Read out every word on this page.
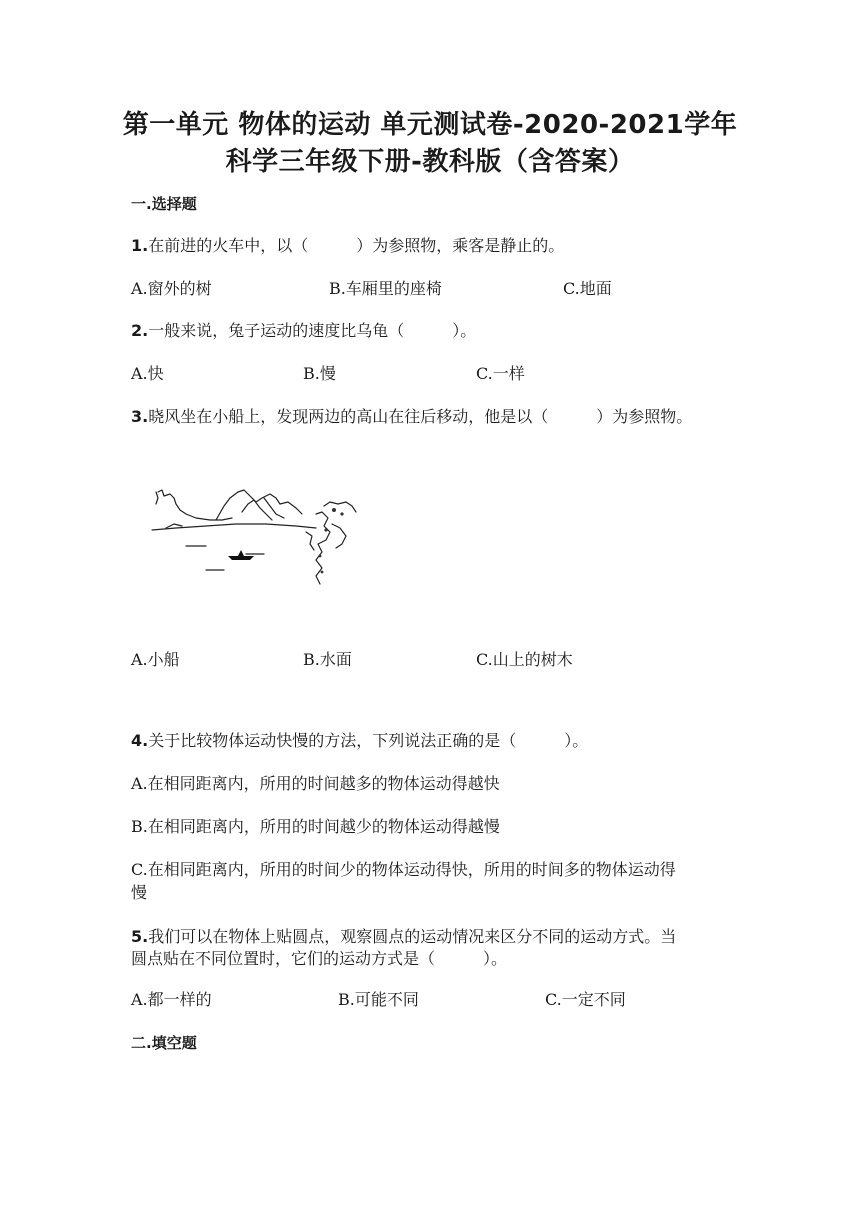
第一单元 物体的运动 单元测试卷-2020-2021学年
科学三年级下册-教科版（含答案）
一.选择题
1.在前进的火车中，以（　　　）为参照物，乘客是静止的。
A.窗外的树	B.车厢里的座椅	C.地面
2.一般来说，兔子运动的速度比乌龟（　　　）。
A.快	B.慢	C.一样
3.晓风坐在小船上，发现两边的高山在往后移动，他是以（　　　）为参照物。
A.小船	B.水面	C.山上的树木
4.关于比较物体运动快慢的方法，下列说法正确的是（　　　）。
A.在相同距离内，所用的时间越多的物体运动得越快
B.在相同距离内，所用的时间越少的物体运动得越慢
C.在相同距离内，所用的时间少的物体运动得快，所用的时间多的物体运动得
慢
5.我们可以在物体上贴圆点，观察圆点的运动情况来区分不同的运动方式。当
圆点贴在不同位置时，它们的运动方式是（　　　）。
A.都一样的	B.可能不同	C.一定不同
二.填空题
